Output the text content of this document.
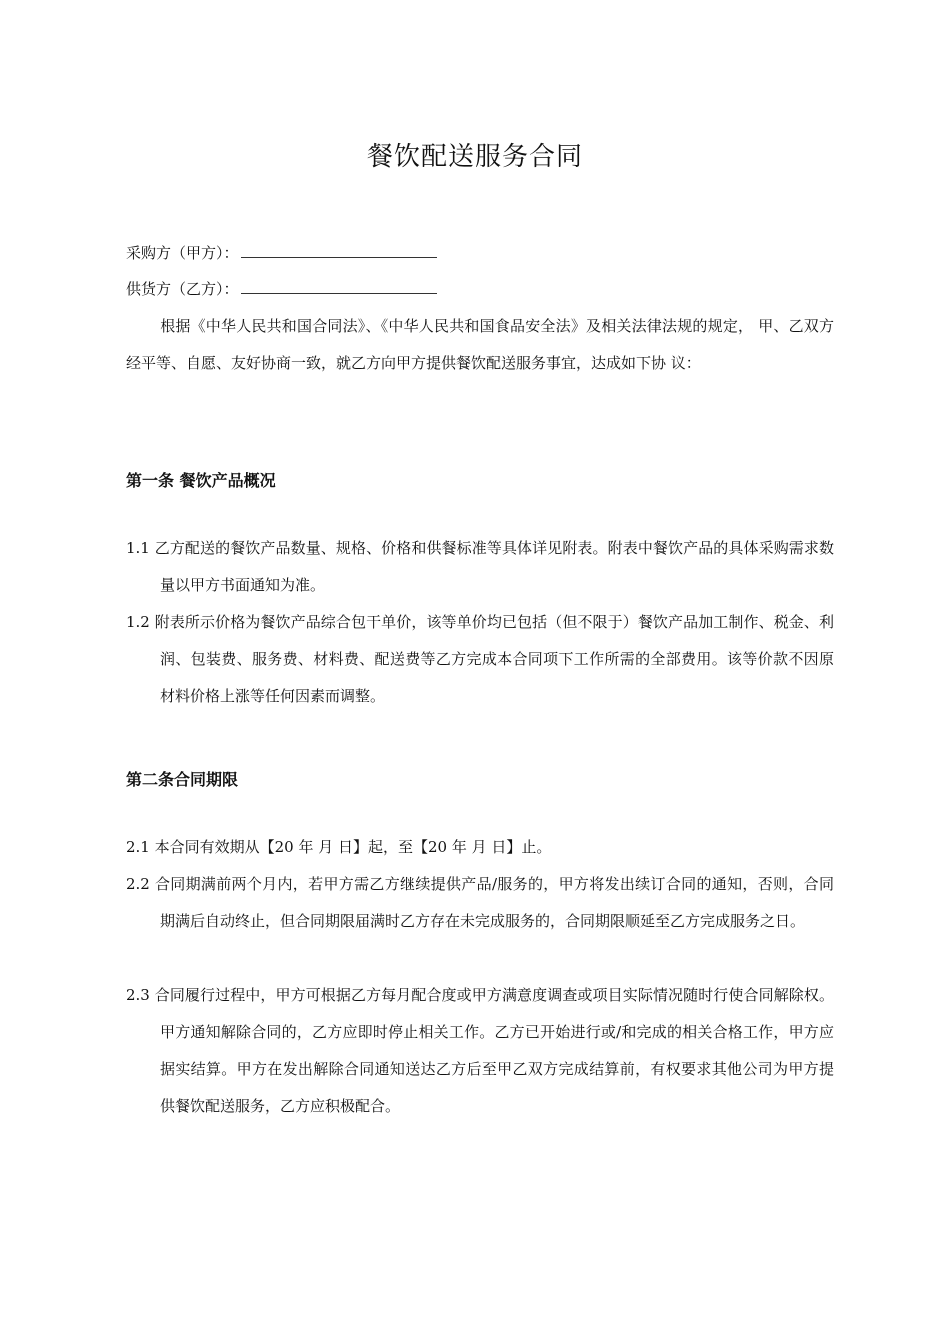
餐饮配送服务合同
采购方（甲方）：
供货方（乙方）：
根据《中华人民共和国合同法》、《中华人民共和国食品安全法》及相关法律法规的规定， 甲、乙双方经平等、自愿、友好协商一致，就乙方向甲方提供餐饮配送服务事宜，达成如下协 议：
第一条 餐饮产品概况
1.1 乙方配送的餐饮产品数量、规格、价格和供餐标准等具体详见附表。附表中餐饮产品的具体采购需求数量以甲方书面通知为准。
1.2 附表所示价格为餐饮产品综合包干单价，该等单价均已包括（但不限于）餐饮产品加工制作、税金、利润、包装费、服务费、材料费、配送费等乙方完成本合同项下工作所需的全部费用。该等价款不因原材料价格上涨等任何因素而调整。
第二条合同期限
2.1 本合同有效期从【20 年 月 日】起，至【20 年 月 日】止。
2.2 合同期满前两个月内，若甲方需乙方继续提供产品/服务的，甲方将发出续订合同的通知，否则，合同期满后自动终止，但合同期限届满时乙方存在未完成服务的，合同期限顺延至乙方完成服务之日。
2.3 合同履行过程中，甲方可根据乙方每月配合度或甲方满意度调查或项目实际情况随时行使合同解除权。甲方通知解除合同的，乙方应即时停止相关工作。乙方已开始进行或/和完成的相关合格工作，甲方应据实结算。甲方在发出解除合同通知送达乙方后至甲乙双方完成结算前，有权要求其他公司为甲方提供餐饮配送服务，乙方应积极配合。
